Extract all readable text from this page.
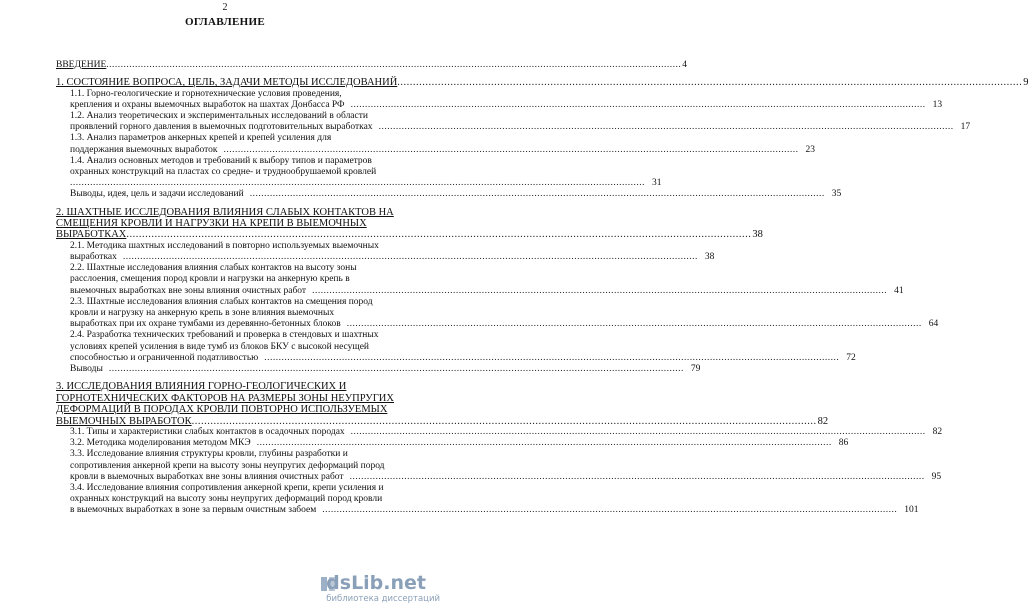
2
ОГЛАВЛЕНИЕ
ВВЕДЕНИЕ ........................................................................................................................................................................................................ 4
1. СОСТОЯНИЕ ВОПРОСА, ЦЕЛЬ, ЗАДАЧИ МЕТОДЫ ИССЛЕДОВАНИЙ ........................................................................................................................................................................................................ 9
1.1. Горно-геологические и горнотехнические условия проведения,
крепления и охраны выемочных выработок на шахтах Донбасса РФ ........................................................................................................................................................................................................ 13
1.2. Анализ теоретических и экспериментальных исследований в области
проявлений горного давления в выемочных подготовительных выработках ........................................................................................................................................................................................................ 17
1.3. Анализ параметров анкерных крепей и крепей усиления для
поддержания выемочных выработок ........................................................................................................................................................................................................ 23
1.4. Анализ основных методов и требований к выбору типов и параметров
охранных конструкций на пластах со средне- и труднообрушаемой кровлей
........................................................................................................................................................................................................ 31
Выводы, идея, цель и задачи исследований ........................................................................................................................................................................................................ 35
2. ШАХТНЫЕ ИССЛЕДОВАНИЯ ВЛИЯНИЯ СЛАБЫХ КОНТАКТОВ НА
СМЕЩЕНИЯ КРОВЛИ И НАГРУЗКИ НА КРЕПИ В ВЫЕМОЧНЫХ
ВЫРАБОТКАХ ........................................................................................................................................................................................................ 38
2.1. Методика шахтных исследований в повторно используемых выемочных
выработках ........................................................................................................................................................................................................ 38
2.2. Шахтные исследования влияния слабых контактов на высоту зоны
расслоения, смещения пород кровли и нагрузки на анкерную крепь в
выемочных выработках вне зоны влияния очистных работ ........................................................................................................................................................................................................ 41
2.3. Шахтные исследования влияния слабых контактов на смещения пород
кровли и нагрузку на анкерную крепь в зоне влияния выемочных
выработках при их охране тумбами из деревянно-бетонных блоков ........................................................................................................................................................................................................ 64
2.4. Разработка технических требований и проверка в стендовых и шахтных
условиях крепей усиления в виде тумб из блоков БКУ с высокой несущей
способностью и ограниченной податливостью ........................................................................................................................................................................................................ 72
Выводы ........................................................................................................................................................................................................ 79
3. ИССЛЕДОВАНИЯ ВЛИЯНИЯ ГОРНО-ГЕОЛОГИЧЕСКИХ И
ГОРНОТЕХНИЧЕСКИХ ФАКТОРОВ НА РАЗМЕРЫ ЗОНЫ НЕУПРУГИХ
ДЕФОРМАЦИЙ В ПОРОДАХ КРОВЛИ ПОВТОРНО ИСПОЛЬЗУЕМЫХ
ВЫЕМОЧНЫХ ВЫРАБОТОК ........................................................................................................................................................................................................ 82
3.1. Типы и характеристики слабых контактов в осадочных породах ........................................................................................................................................................................................................ 82
3.2. Методика моделирования методом МКЭ ........................................................................................................................................................................................................ 86
3.3. Исследование влияния структуры кровли, глубины разработки и
сопротивления анкерной крепи на высоту зоны неупругих деформаций пород
кровли в выемочных выработках вне зоны влияния очистных работ ........................................................................................................................................................................................................ 95
3.4. Исследование влияния сопротивления анкерной крепи, крепи усиления и
охранных конструкций на высоту зоны неупругих деформаций пород кровли
в выемочных выработках в зоне за первым очистным забоем ........................................................................................................................................................................................................ 101
dsLib.net
библиотека диссертаций
